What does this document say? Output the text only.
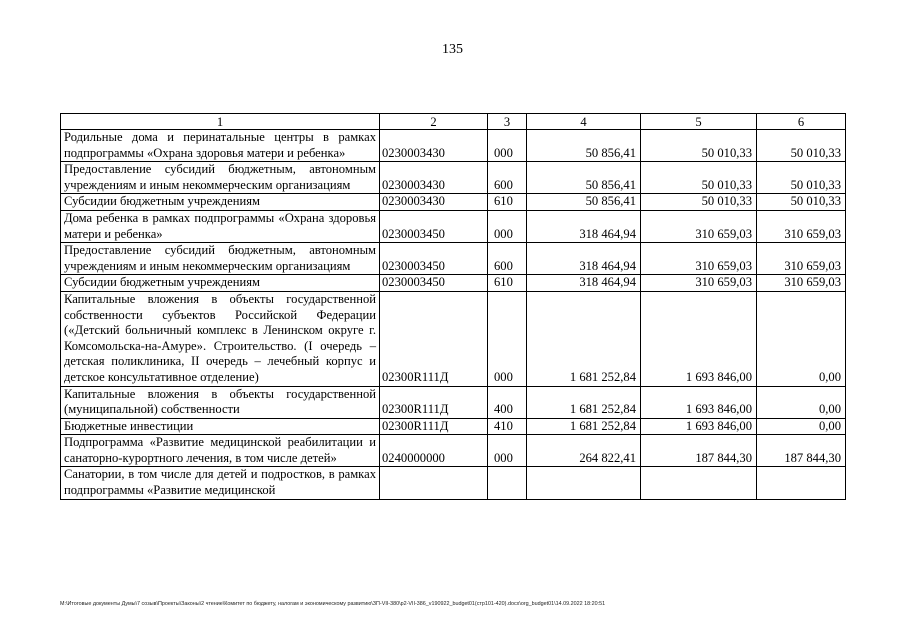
135
1	2	3	4	5	6
Родильные дома и перинатальные центры в рамках подпрограммы «Охрана здоровья матери и ребенка»	0230003430	000	50 856,41	50 010,33	50 010,33
Предоставление субсидий бюджетным, автономным учреждениям и иным некоммерческим организациям	0230003430	600	50 856,41	50 010,33	50 010,33
Субсидии бюджетным учреждениям	0230003430	610	50 856,41	50 010,33	50 010,33
Дома ребенка в рамках подпрограммы «Охрана здоровья матери и ребенка»	0230003450	000	318 464,94	310 659,03	310 659,03
Предоставление субсидий бюджетным, автономным учреждениям и иным некоммерческим организациям	0230003450	600	318 464,94	310 659,03	310 659,03
Субсидии бюджетным учреждениям	0230003450	610	318 464,94	310 659,03	310 659,03
Капитальные вложения в объекты государственной собственности субъектов Российской Федерации («Детский больничный комплекс в Ленинском округе г. Комсомольска-на-Амуре». Строительство. (I очередь – детская поликлиника, II очередь – лечебный корпус и детское консультативное отделение)	02300R111Д	000	1 681 252,84	1 693 846,00	0,00
Капитальные вложения в объекты государственной (муниципальной) собственности	02300R111Д	400	1 681 252,84	1 693 846,00	0,00
Бюджетные инвестиции	02300R111Д	410	1 681 252,84	1 693 846,00	0,00
Подпрограмма «Развитие медицинской реабилитации и санаторно-курортного лечения, в том числе детей»	0240000000	000	264 822,41	187 844,30	187 844,30
Санатории, в том числе для детей и подростков, в рамках подпрограммы «Развитие медицинской					
M:\Итоговые документы Думы\7 созыв\Проекты\Законы\2 чтение\Комитет по бюджету, налогам и экономическому развитию\ЗП-VII-380\р2-VII-386_v190922_budget01(стр101-420).docx\org_budget01\14.09.2022 18:20:51
